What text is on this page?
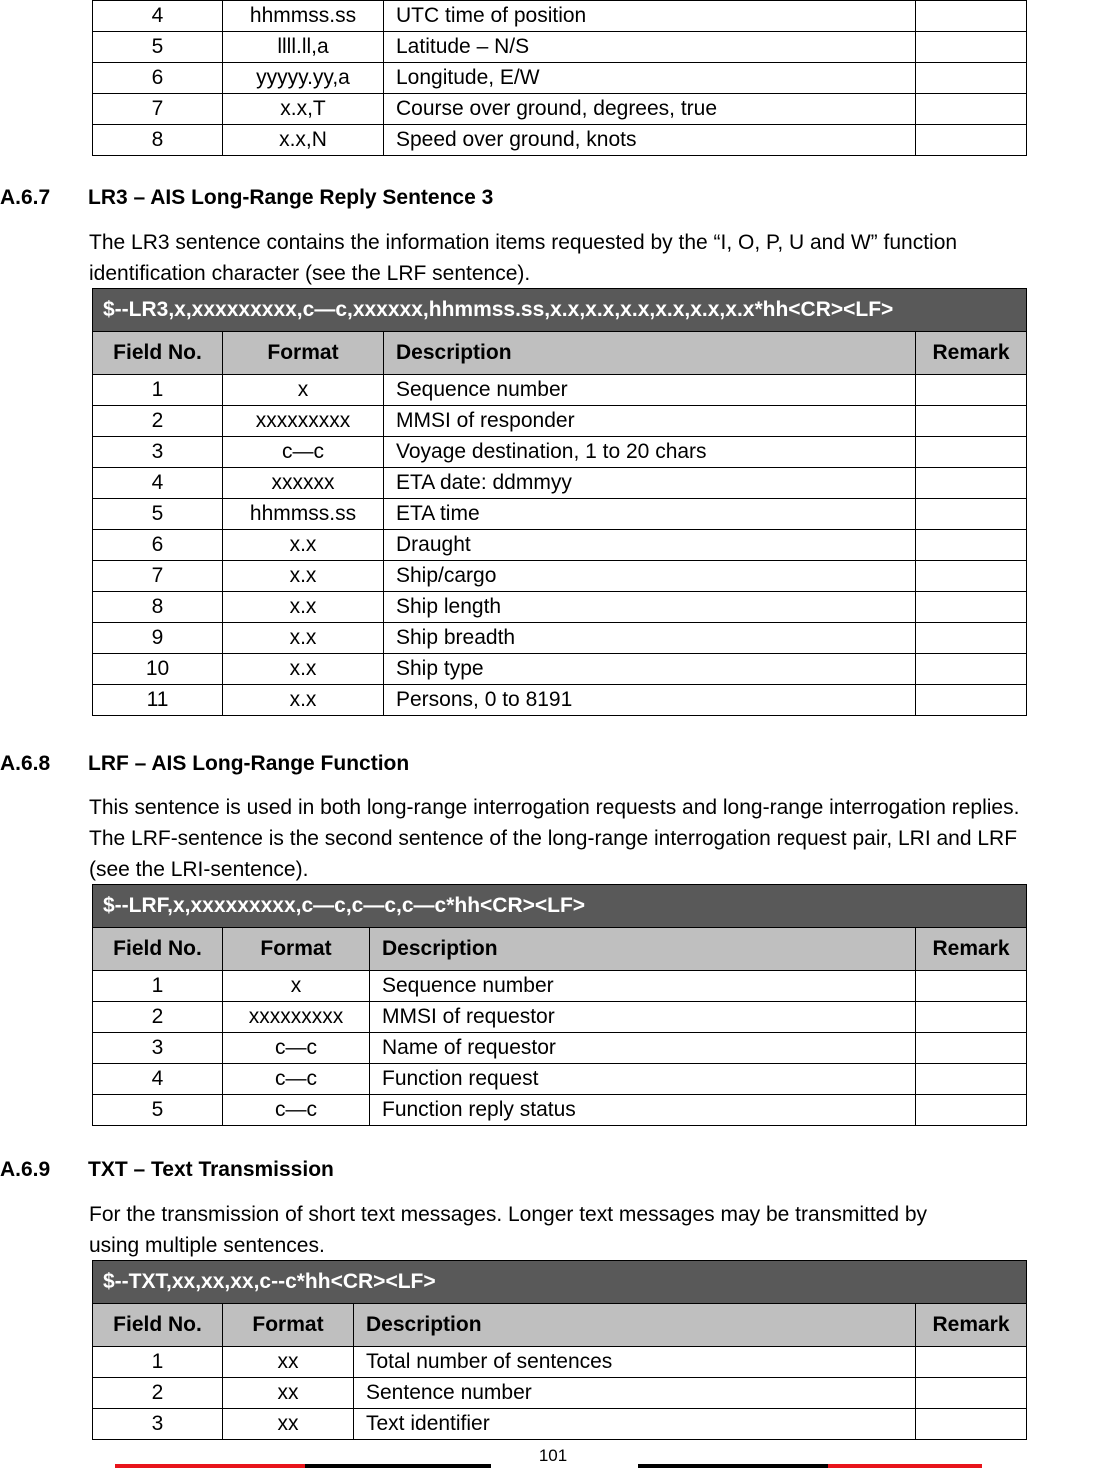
4	hhmmss.ss	UTC time of position	
5	llll.ll,a	Latitude – N/S	
6	yyyyy.yy,a	Longitude, E/W	
7	x.x,T	Course over ground, degrees, true	
8	x.x,N	Speed over ground, knots	
A.6.7 LR3 – AIS Long-Range Reply Sentence 3

The LR3 sentence contains the information items requested by the “I, O, P, U and W” function

identification character (see the LRF sentence).

$--LR3,x,xxxxxxxxx,c—c,xxxxxx,hhmmss.ss,x.x,x.x,x.x,x.x,x.x,x.x*hh<CR><LF>			
Field No.	Format	Description	Remark
1	x	Sequence number	
2	xxxxxxxxx	MMSI of responder	
3	c—c	Voyage destination, 1 to 20 chars	
4	xxxxxx	ETA date: ddmmyy	
5	hhmmss.ss	ETA time	
6	x.x	Draught	
7	x.x	Ship/cargo	
8	x.x	Ship length	
9	x.x	Ship breadth	
10	x.x	Ship type	
11	x.x	Persons, 0 to 8191	
A.6.8 LRF – AIS Long-Range Function

This sentence is used in both long-range interrogation requests and long-range interrogation replies.

The LRF-sentence is the second sentence of the long-range interrogation request pair, LRI and LRF

(see the LRI-sentence).

$--LRF,x,xxxxxxxxx,c—c,c—c,c—c*hh<CR><LF>			
Field No.	Format	Description	Remark
1	x	Sequence number	
2	xxxxxxxxx	MMSI of requestor	
3	c—c	Name of requestor	
4	c—c	Function request	
5	c—c	Function reply status	
A.6.9 TXT – Text Transmission

For the transmission of short text messages. Longer text messages may be transmitted by

using multiple sentences.

$--TXT,xx,xx,xx,c--c*hh<CR><LF>			
Field No.	Format	Description	Remark
1	xx	Total number of sentences	
2	xx	Sentence number	
3	xx	Text identifier	
101
